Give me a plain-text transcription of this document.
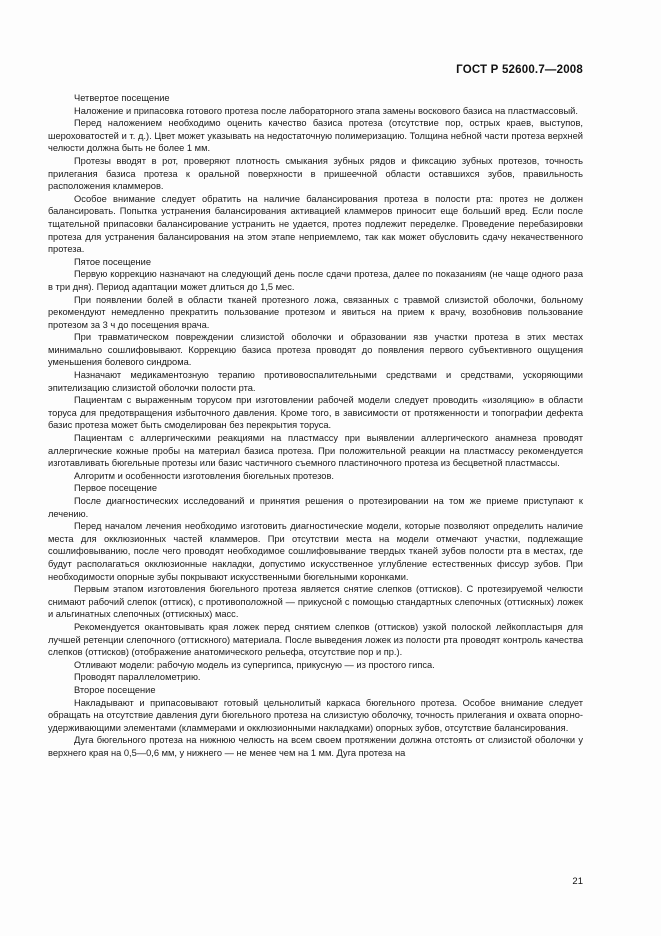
ГОСТ Р 52600.7—2008

Четвертое посещение

Наложение и припасовка готового протеза после лабораторного этапа замены воскового базиса на пластмассовый.

Перед наложением необходимо оценить качество базиса протеза (отсутствие пор, острых краев, выступов, шероховатостей и т. д.). Цвет может указывать на недостаточную полимеризацию. Толщина небной части протеза верхней челюсти должна быть не более 1 мм.

Протезы вводят в рот, проверяют плотность смыкания зубных рядов и фиксацию зубных протезов, точность прилегания базиса протеза к оральной поверхности в пришеечной области оставшихся зубов, правильность расположения кламмеров.

Особое внимание следует обратить на наличие балансирования протеза в полости рта: протез не должен балансировать. Попытка устранения балансирования активацией кламмеров приносит еще больший вред. Если после тщательной припасовки балансирование устранить не удается, протез подлежит переделке. Проведение перебазировки протеза для устранения балансирования на этом этапе неприемлемо, так как может обусловить сдачу некачественного протеза.

Пятое посещение

Первую коррекцию назначают на следующий день после сдачи протеза, далее по показаниям (не чаще одного раза в три дня). Период адаптации может длиться до 1,5 мес.

При появлении болей в области тканей протезного ложа, связанных с травмой слизистой оболочки, больному рекомендуют немедленно прекратить пользование протезом и явиться на прием к врачу, возобновив пользование протезом за 3 ч до посещения врача.

При травматическом повреждении слизистой оболочки и образовании язв участки протеза в этих местах минимально сошлифовывают. Коррекцию базиса протеза проводят до появления первого субъективного ощущения уменьшения болевого синдрома.

Назначают медикаментозную терапию противовоспалительными средствами и средствами, ускоряющими эпителизацию слизистой оболочки полости рта.

Пациентам с выраженным торусом при изготовлении рабочей модели следует проводить «изоляцию» в области торуса для предотвращения избыточного давления. Кроме того, в зависимости от протяженности и топографии дефекта базис протеза может быть смоделирован без перекрытия торуса.

Пациентам с аллергическими реакциями на пластмассу при выявлении аллергического анамнеза проводят аллергические кожные пробы на материал базиса протеза. При положительной реакции на пластмассу рекомендуется изготавливать бюгельные протезы или базис частичного съемного пластиночного протеза из бесцветной пластмассы.

Алгоритм и особенности изготовления бюгельных протезов.

Первое посещение

После диагностических исследований и принятия решения о протезировании на том же приеме приступают к лечению.

Перед началом лечения необходимо изготовить диагностические модели, которые позволяют определить наличие места для окклюзионных частей кламмеров. При отсутствии места на модели отмечают участки, подлежащие сошлифовыванию, после чего проводят необходимое сошлифовывание твердых тканей зубов полости рта в местах, где будут располагаться окклюзионные накладки, допустимо искусственное углубление естественных фиссур зубов. При необходимости опорные зубы покрывают искусственными бюгельными коронками.

Первым этапом изготовления бюгельного протеза является снятие слепков (оттисков). С протезируемой челюсти снимают рабочий слепок (оттиск), с противоположной — прикусной с помощью стандартных слепочных (оттискных) ложек и альгинатных слепочных (оттискных) масс.

Рекомендуется окантовывать края ложек перед снятием слепков (оттисков) узкой полоской лейкопластыря для лучшей ретенции слепочного (оттискного) материала. После выведения ложек из полости рта проводят контроль качества слепков (оттисков) (отображение анатомического рельефа, отсутствие пор и пр.).

Отливают модели: рабочую модель из супергипса, прикусную — из простого гипса.

Проводят параллелометрию.

Второе посещение

Накладывают и припасовывают готовый цельнолитый каркаса бюгельного протеза. Особое внимание следует обращать на отсутствие давления дуги бюгельного протеза на слизистую оболочку, точность прилегания и охвата опорно-удерживающими элементами (кламмерами и окклюзионными накладками) опорных зубов, отсутствие балансирования.

Дуга бюгельного протеза на нижнюю челюсть на всем своем протяжении должна отстоять от слизистой оболочки у верхнего края на 0,5—0,6 мм, у нижнего — не менее чем на 1 мм. Дуга протеза на

21
